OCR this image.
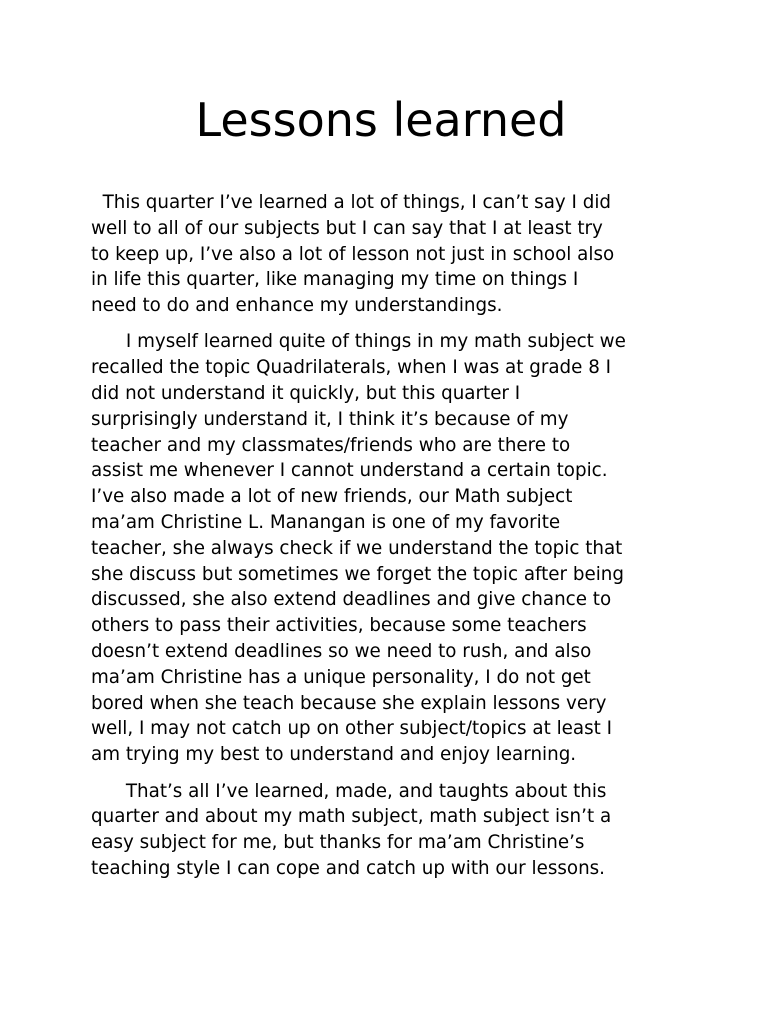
Lessons learned
This quarter I’ve learned a lot of things, I can’t say I did
well to all of our subjects but I can say that I at least try
to keep up, I’ve also a lot of lesson not just in school also
in life this quarter, like managing my time on things I
need to do and enhance my understandings.
I myself learned quite of things in my math subject we
recalled the topic Quadrilaterals, when I was at grade 8 I
did not understand it quickly, but this quarter I
surprisingly understand it, I think it’s because of my
teacher and my classmates/friends who are there to
assist me whenever I cannot understand a certain topic.
I’ve also made a lot of new friends, our Math subject
ma’am Christine L. Manangan is one of my favorite
teacher, she always check if we understand the topic that
she discuss but sometimes we forget the topic after being
discussed, she also extend deadlines and give chance to
others to pass their activities, because some teachers
doesn’t extend deadlines so we need to rush, and also
ma’am Christine has a unique personality, I do not get
bored when she teach because she explain lessons very
well, I may not catch up on other subject/topics at least I
am trying my best to understand and enjoy learning.
That’s all I’ve learned, made, and taughts about this
quarter and about my math subject, math subject isn’t a
easy subject for me, but thanks for ma’am Christine’s
teaching style I can cope and catch up with our lessons.
